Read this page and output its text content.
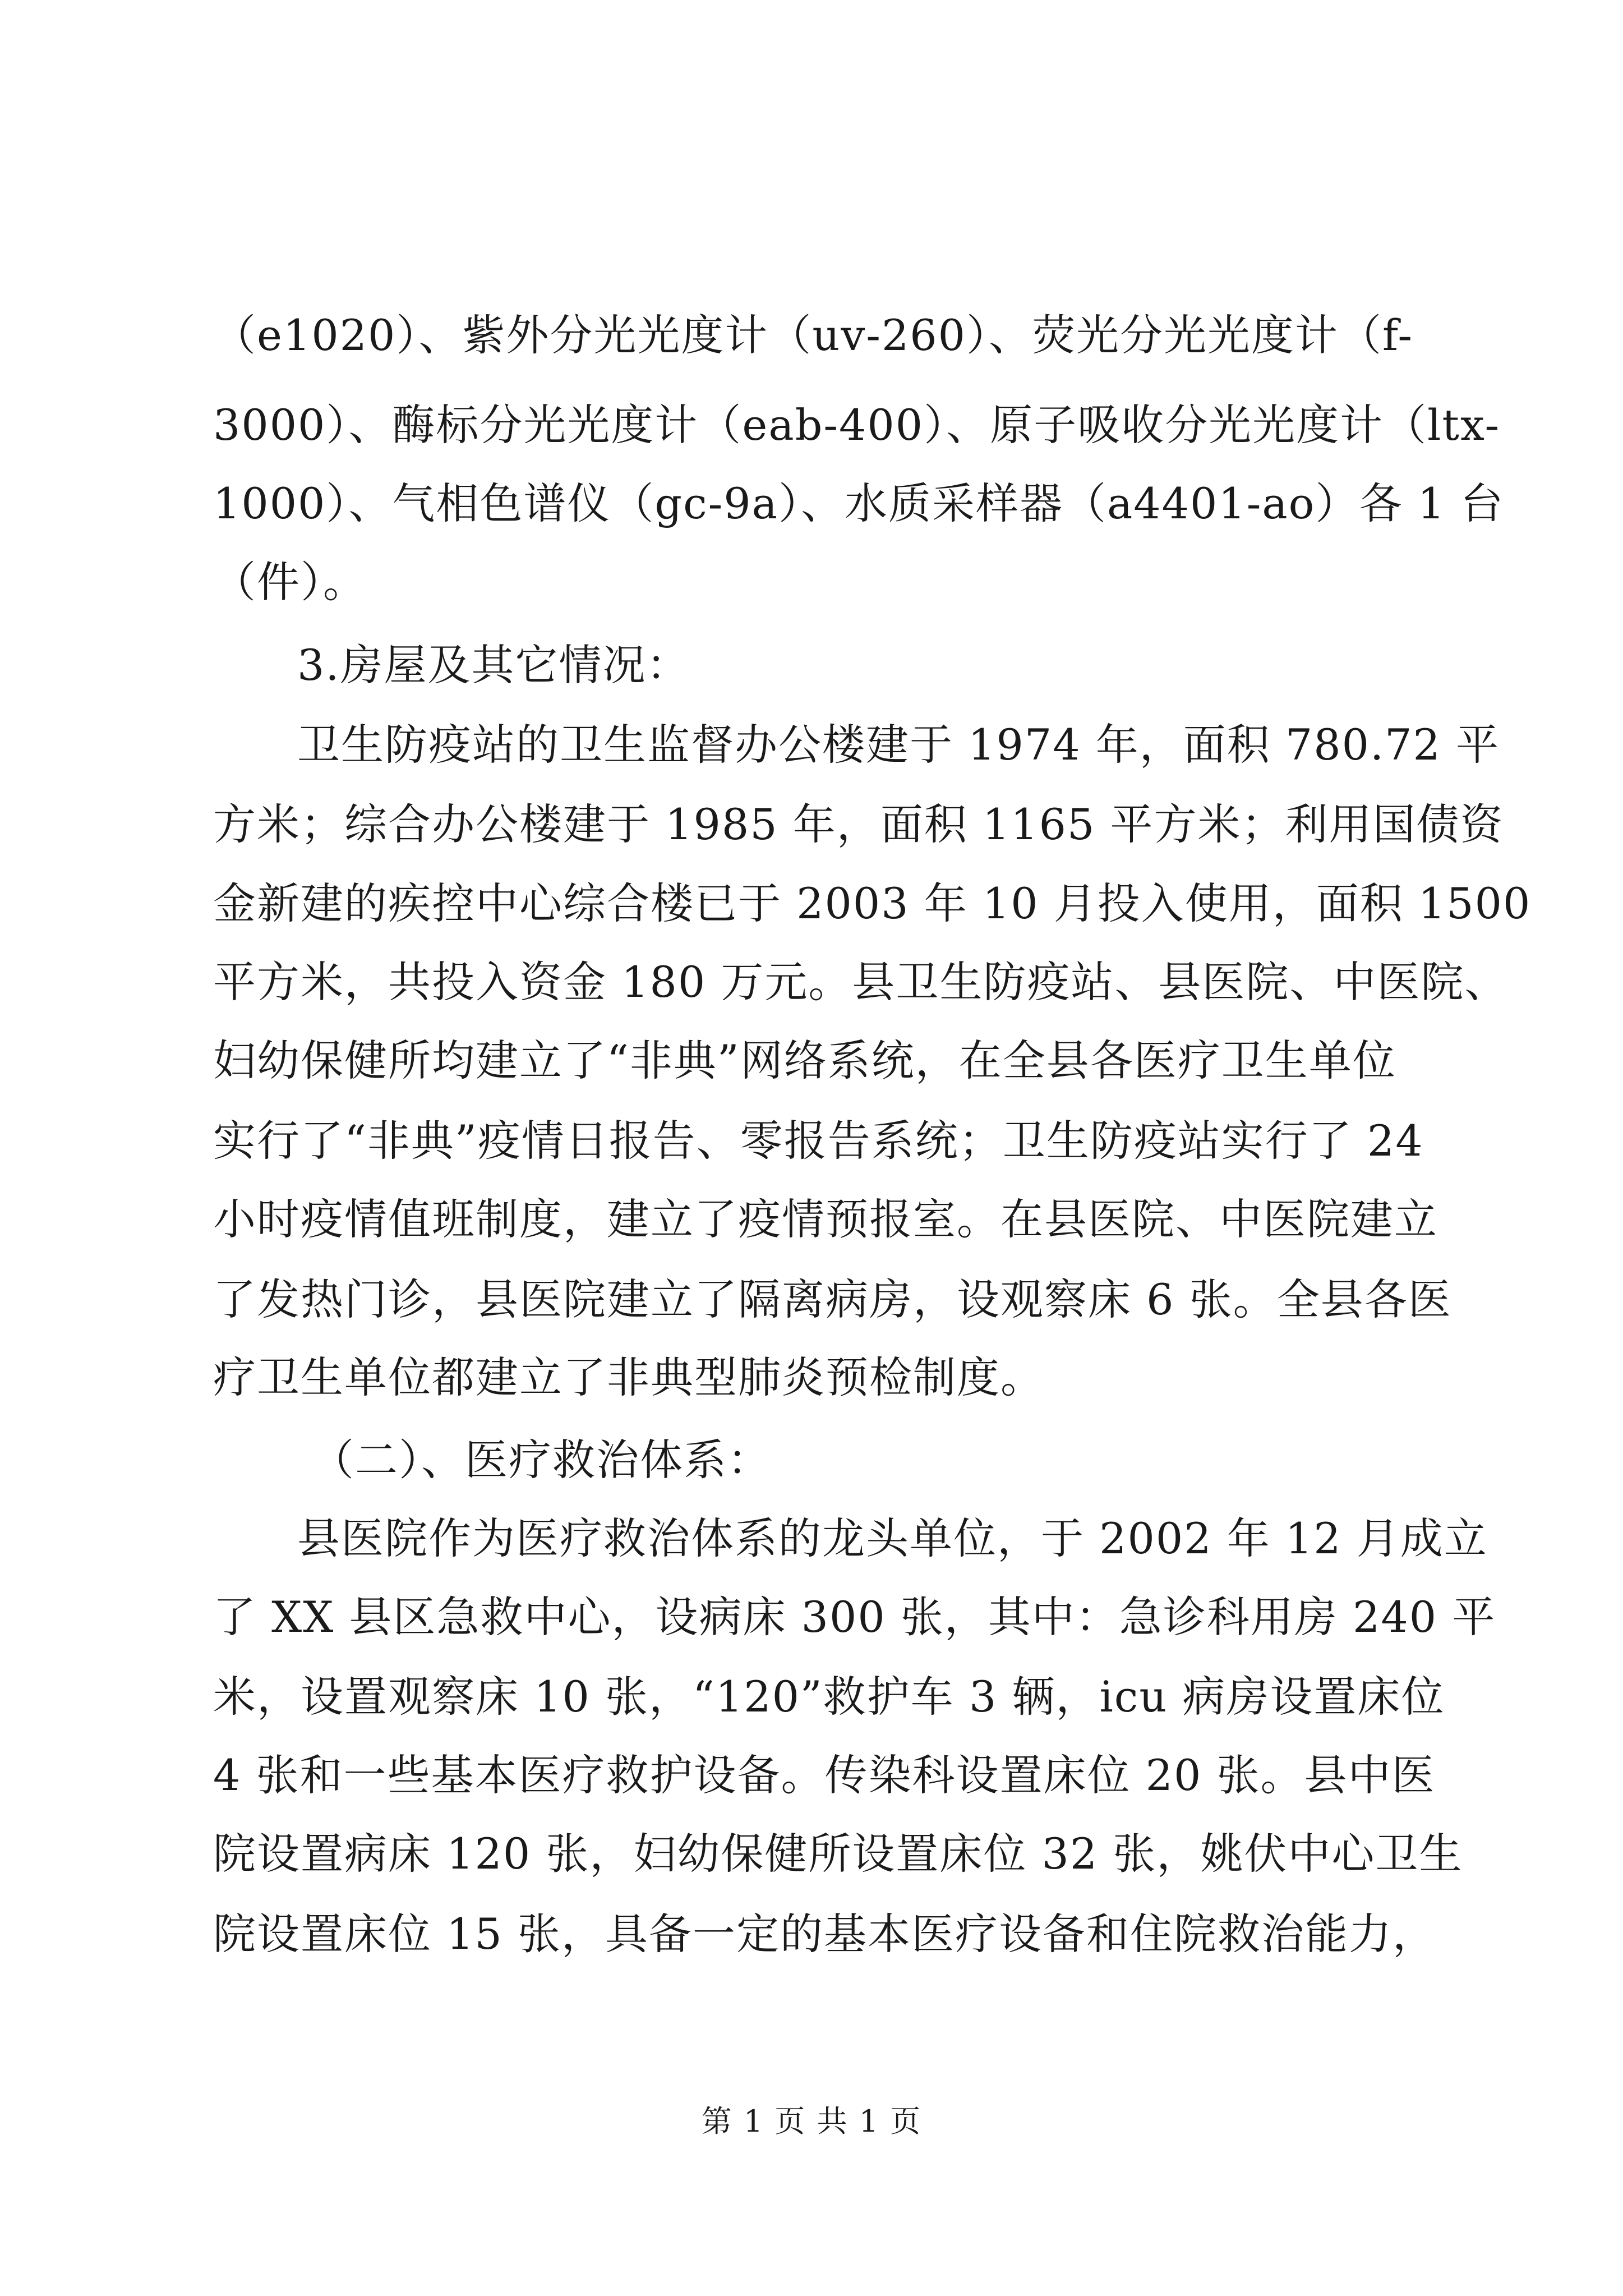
（e1020）、紫外分光光度计（uv-260）、荧光分光光度计（f-
3000）、酶标分光光度计（eab-400）、原子吸收分光光度计（ltx-
1000）、气相色谱仪（gc-9a）、水质采样器（a4401-ao）各 1 台
（件）。
3.房屋及其它情况：
卫生防疫站的卫生监督办公楼建于 1974 年，面积 780.72 平
方米；综合办公楼建于 1985 年，面积 1165 平方米；利用国债资
金新建的疾控中心综合楼已于 2003 年 10 月投入使用，面积 1500
平方米，共投入资金 180 万元。县卫生防疫站、县医院、中医院、
妇幼保健所均建立了“非典”网络系统，在全县各医疗卫生单位
实行了“非典”疫情日报告、零报告系统；卫生防疫站实行了 24
小时疫情值班制度，建立了疫情预报室。在县医院、中医院建立
了发热门诊，县医院建立了隔离病房，设观察床 6 张。全县各医
疗卫生单位都建立了非典型肺炎预检制度。
（二）、医疗救治体系：
县医院作为医疗救治体系的龙头单位，于 2002 年 12 月成立
了 XX 县区急救中心，设病床 300 张，其中：急诊科用房 240 平
米，设置观察床 10 张，“120”救护车 3 辆，icu 病房设置床位
4 张和一些基本医疗救护设备。传染科设置床位 20 张。县中医
院设置病床 120 张，妇幼保健所设置床位 32 张，姚伏中心卫生
院设置床位 15 张，具备一定的基本医疗设备和住院救治能力，
第 1 页 共 1 页
